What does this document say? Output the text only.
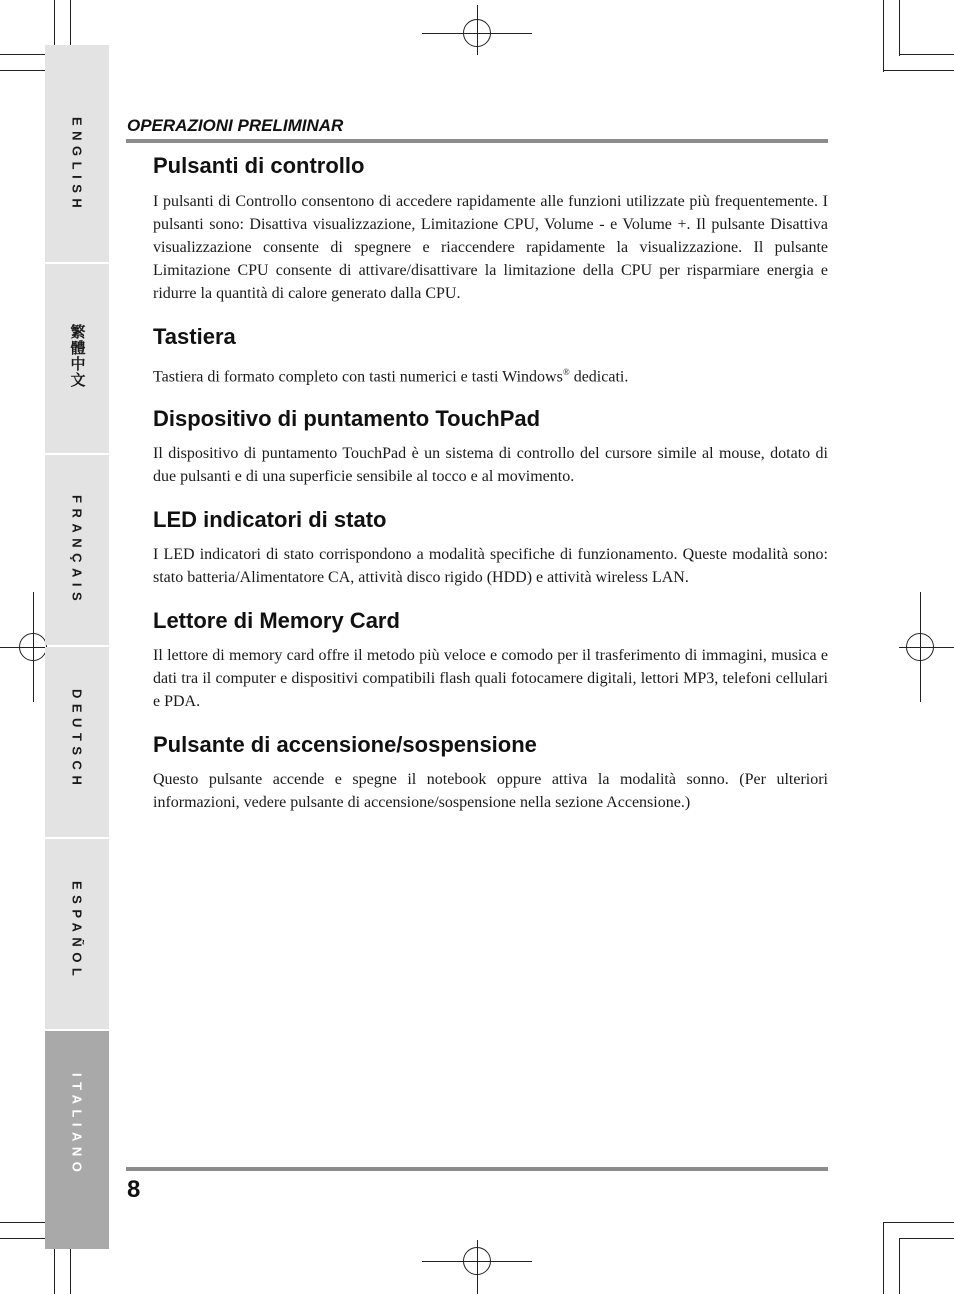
ENGLISH
繁體中文
FRANÇAIS
DEUTSCH
ESPAÑOL
ITALIANO
OPERAZIONI PRELIMINAR
Pulsanti di controllo

I pulsanti di Controllo consentono di accedere rapidamente alle funzioni utilizzate più frequentemente. I pulsanti sono: Disattiva visualizzazione, Limitazione CPU, Volume - e Volume +. Il pulsante Disattiva visualizzazione consente di spegnere e riaccendere rapidamente la visualizzazione. Il pulsante Limitazione CPU consente di attivare/disattivare la limitazione della CPU per risparmiare energia e ridurre la quantità di calore generato dalla CPU.

Tastiera

Tastiera di formato completo con tasti numerici e tasti Windows® dedicati.

Dispositivo di puntamento TouchPad

Il dispositivo di puntamento TouchPad è un sistema di controllo del cursore simile al mouse, dotato di due pulsanti e di una superficie sensibile al tocco e al movimento.

LED indicatori di stato

I LED indicatori di stato corrispondono a modalità specifiche di funzionamento. Queste modalità sono: stato batteria/Alimentatore CA, attività disco rigido (HDD) e attività wireless LAN.

Lettore di Memory Card

Il lettore di memory card offre il metodo più veloce e comodo per il trasferimento di immagini, musica e dati tra il computer e dispositivi compatibili flash quali fotocamere digitali, lettori MP3, telefoni cellulari e PDA.

Pulsante di accensione/sospensione

Questo pulsante accende e spegne il notebook oppure attiva la modalità sonno. (Per ulteriori informazioni, vedere pulsante di accensione/sospensione nella sezione Accensione.)

8
